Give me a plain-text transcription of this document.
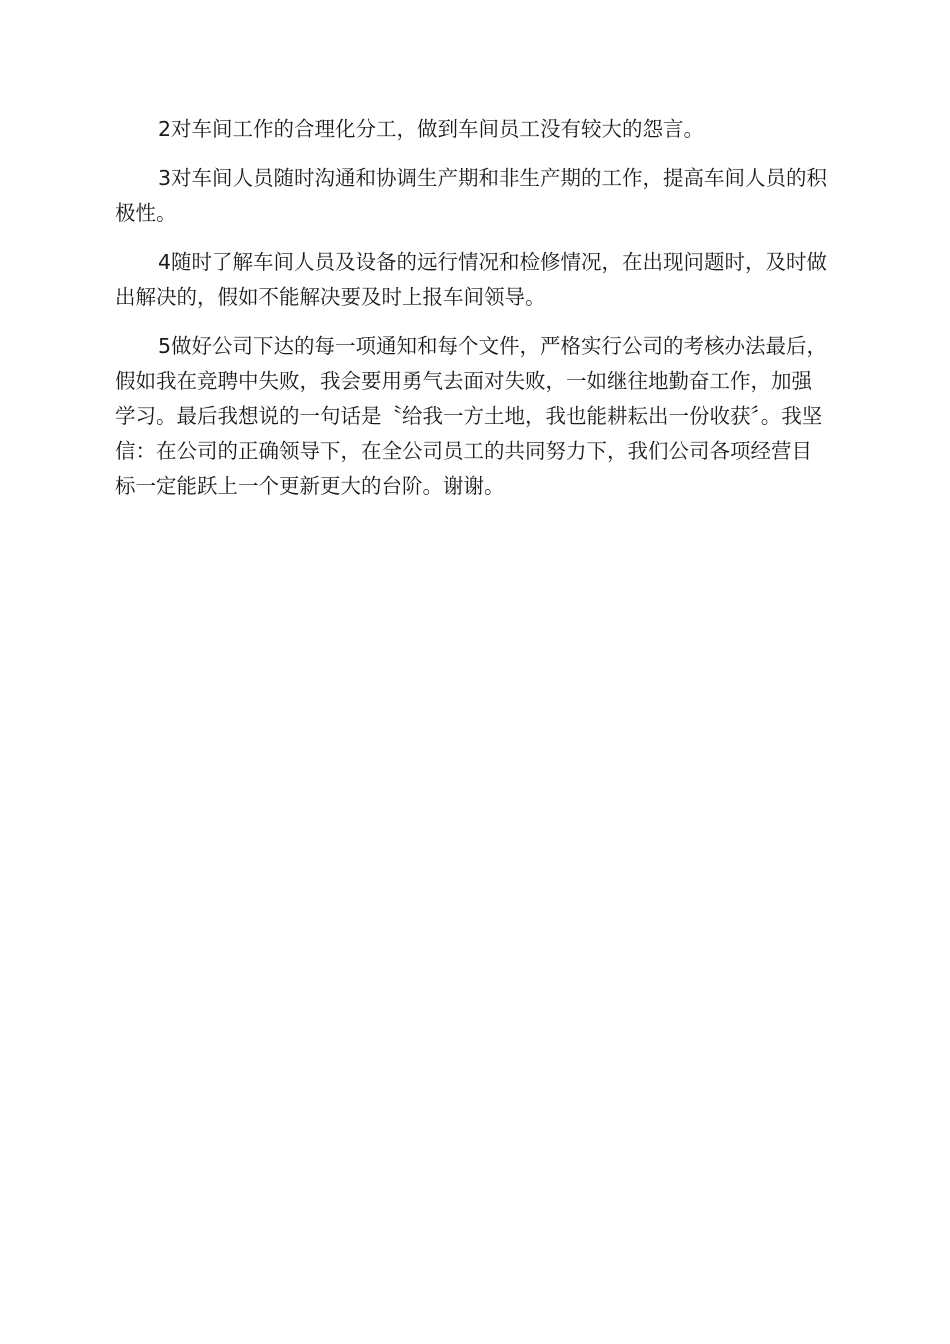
2对车间工作的合理化分工，做到车间员工没有较大的怨言。

3对车间人员随时沟通和协调生产期和非生产期的工作，提高车间人员的积极性。

4随时了解车间人员及设备的远行情况和检修情况，在出现问题时，及时做出解决的，假如不能解决要及时上报车间领导。

5做好公司下达的每一项通知和每个文件，严格实行公司的考核办法最后，假如我在竞聘中失败，我会要用勇气去面对失败，一如继往地勤奋工作，加强学习。最后我想说的一句话是〝给我一方土地，我也能耕耘出一份收获〞。我坚信：在公司的正确领导下，在全公司员工的共同努力下，我们公司各项经营目标一定能跃上一个更新更大的台阶。谢谢。
